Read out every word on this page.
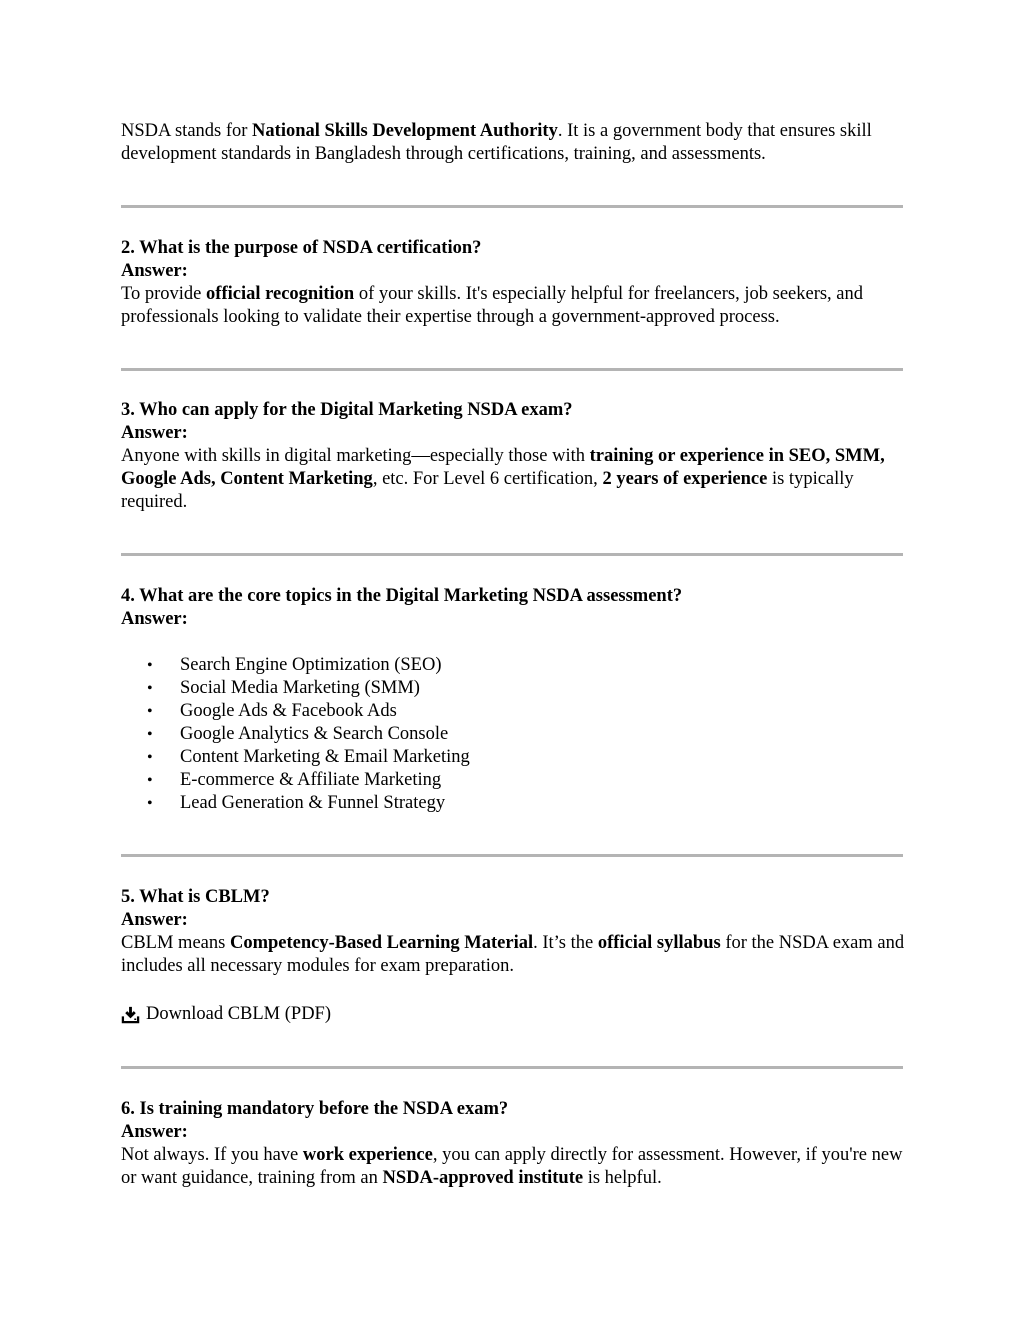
NSDA stands for National Skills Development Authority. It is a government body that ensures skill development standards in Bangladesh through certifications, training, and assessments.

2. What is the purpose of NSDA certification?

Answer:

To provide official recognition of your skills. It's especially helpful for freelancers, job seekers, and professionals looking to validate their expertise through a government-approved process.

3. Who can apply for the Digital Marketing NSDA exam?

Answer:

Anyone with skills in digital marketing—especially those with training or experience in SEO, SMM, Google Ads, Content Marketing, etc. For Level 6 certification, 2 years of experience is typically required.

4. What are the core topics in the Digital Marketing NSDA assessment?

Answer:

• Search Engine Optimization (SEO)
• Social Media Marketing (SMM)
• Google Ads & Facebook Ads
• Google Analytics & Search Console
• Content Marketing & Email Marketing
• E-commerce & Affiliate Marketing
• Lead Generation & Funnel Strategy

5. What is CBLM?

Answer:

CBLM means Competency-Based Learning Material. It’s the official syllabus for the NSDA exam and includes all necessary modules for exam preparation.

Download CBLM (PDF)

6. Is training mandatory before the NSDA exam?

Answer:

Not always. If you have work experience, you can apply directly for assessment. However, if you're new or want guidance, training from an NSDA-approved institute is helpful.
